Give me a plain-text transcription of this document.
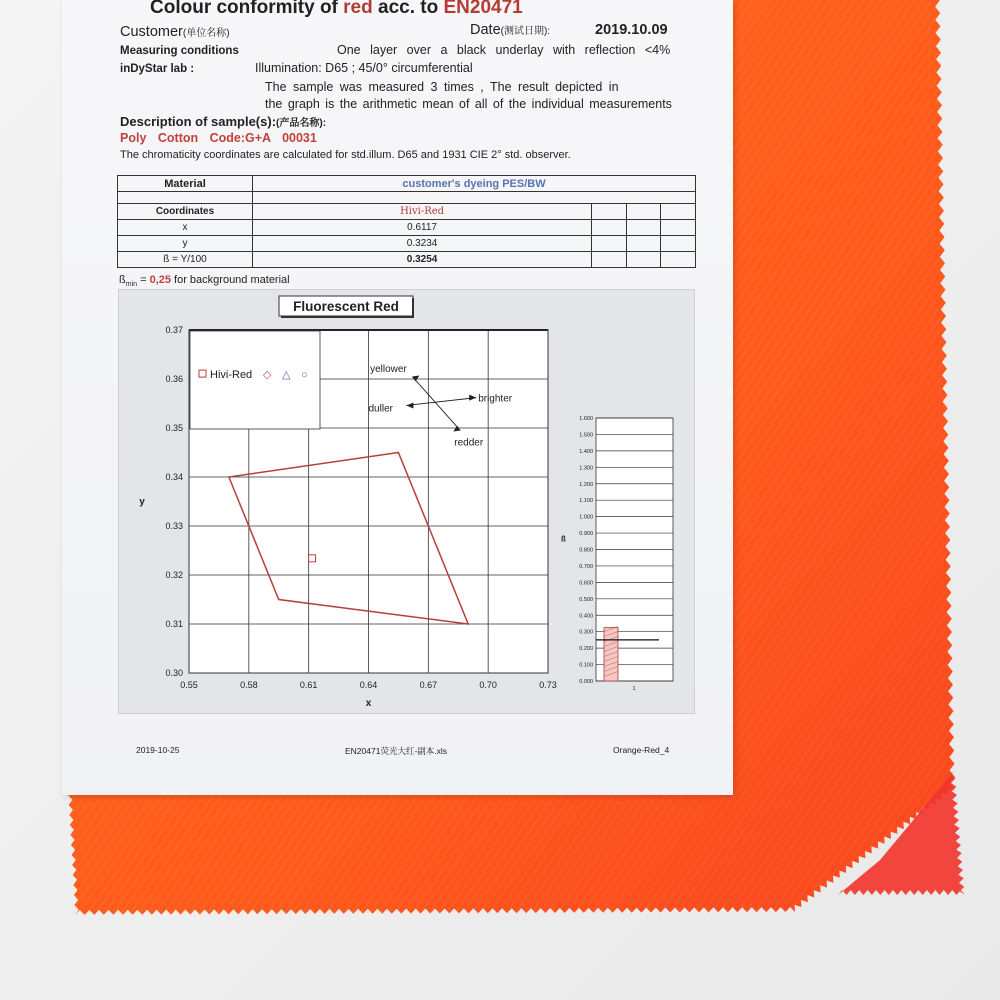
Colour conformity of red acc. to EN20471
Customer(单位名称)	Date(测试日期):	2019.10.09
Measuring conditions	One layer over a black underlay with reflection <4%
inDyStar lab :	Illumination: D65 ; 45/0° circumferential
The sample was measured 3 times , The result depicted in
the graph is the arithmetic mean of all of the individual measurements
Description of sample(s):(产品名称):
Poly Cotton Code:G+A 00031
The chromaticity coordinates are calculated for std.illum. D65 and 1931 CIE 2° std. observer.
Material	customer's dyeing PES/BW			

Coordinates	Hivi-Red			
x	0.6117			
y	0.3234			
ß = Y/100	0.3254			
$ß_{min} = 0,25$ for background material
0.55	0.58	0.61	0.64	0.67	0.70	0.73
0.30
0.31
0.32
0.33
0.34
0.35
0.36
0.37
Hivi-Red ◇ △ ○
Fluorescent Red
x
y
yellower
brighter
duller
redder
0.000
0.100
0.200
0.300
0.400
0.500
0.600
0.700
0.800
0.900
1.000
1.100
1.200
1.300
1.400
1.500
1.600
ß
1
2019-10-25	EN20471荧光大红-副本.xls	Orange-Red_4
